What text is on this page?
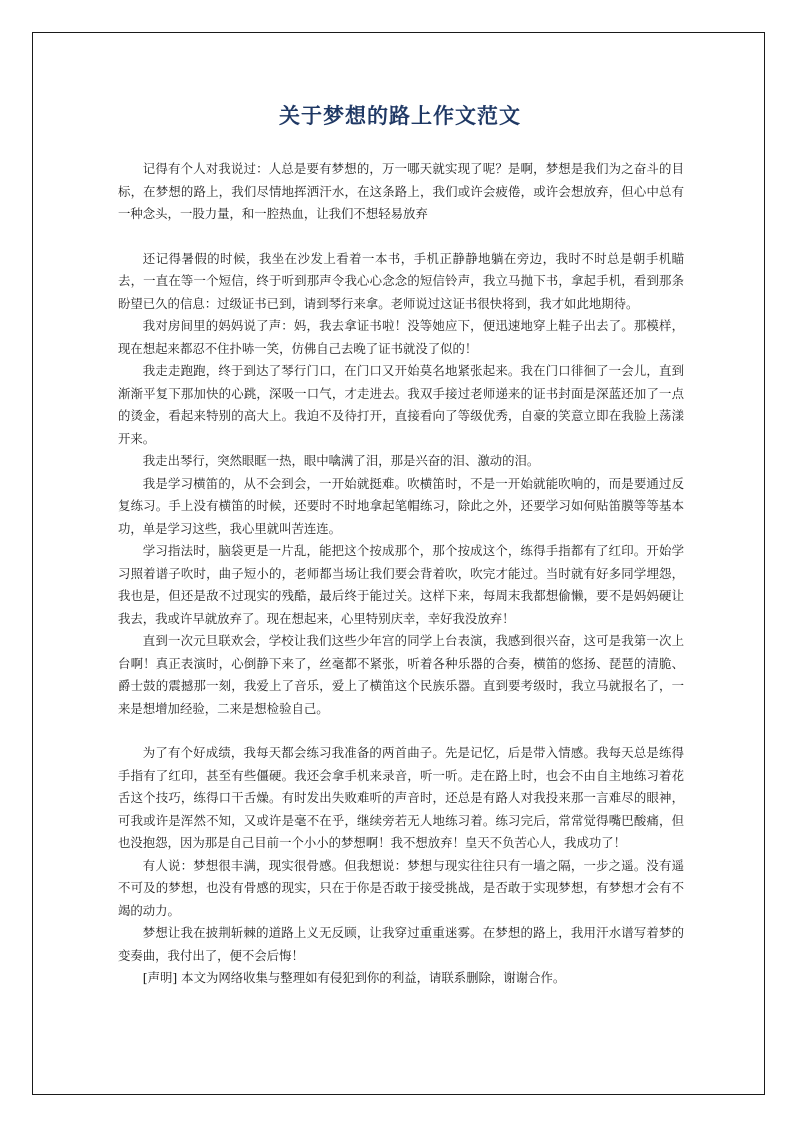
关于梦想的路上作文范文

记得有个人对我说过：人总是要有梦想的，万一哪天就实现了呢？是啊，梦想是我们为之奋斗的目标，在梦想的路上，我们尽情地挥洒汗水，在这条路上，我们或许会疲倦，或许会想放弃，但心中总有一种念头，一股力量，和一腔热血，让我们不想轻易放弃

还记得暑假的时候，我坐在沙发上看着一本书，手机正静静地躺在旁边，我时不时总是朝手机瞄去，一直在等一个短信，终于听到那声令我心心念念的短信铃声，我立马抛下书，拿起手机，看到那条盼望已久的信息：过级证书已到，请到琴行来拿。老师说过这证书很快将到，我才如此地期待。

我对房间里的妈妈说了声：妈，我去拿证书啦！没等她应下，便迅速地穿上鞋子出去了。那模样，现在想起来都忍不住扑哧一笑，仿佛自己去晚了证书就没了似的！

我走走跑跑，终于到达了琴行门口，在门口又开始莫名地紧张起来。我在门口徘徊了一会儿，直到渐渐平复下那加快的心跳，深吸一口气，才走进去。我双手接过老师递来的证书封面是深蓝还加了一点的烫金，看起来特别的高大上。我迫不及待打开，直接看向了等级优秀，自豪的笑意立即在我脸上荡漾开来。

我走出琴行，突然眼眶一热，眼中噙满了泪，那是兴奋的泪、激动的泪。

我是学习横笛的，从不会到会，一开始就挺难。吹横笛时，不是一开始就能吹响的，而是要通过反复练习。手上没有横笛的时候，还要时不时地拿起笔帽练习，除此之外，还要学习如何贴笛膜等等基本功，单是学习这些，我心里就叫苦连连。

学习指法时，脑袋更是一片乱，能把这个按成那个，那个按成这个，练得手指都有了红印。开始学习照着谱子吹时，曲子短小的，老师都当场让我们要会背着吹，吹完才能过。当时就有好多同学埋怨，我也是，但还是敌不过现实的残酷，最后终于能过关。这样下来，每周末我都想偷懒，要不是妈妈硬让我去，我或许早就放弃了。现在想起来，心里特别庆幸，幸好我没放弃！

直到一次元旦联欢会，学校让我们这些少年宫的同学上台表演，我感到很兴奋，这可是我第一次上台啊！真正表演时，心倒静下来了，丝毫都不紧张，听着各种乐器的合奏，横笛的悠扬、琵琶的清脆、爵士鼓的震撼那一刻，我爱上了音乐，爱上了横笛这个民族乐器。直到要考级时，我立马就报名了，一来是想增加经验，二来是想检验自己。

为了有个好成绩，我每天都会练习我准备的两首曲子。先是记忆，后是带入情感。我每天总是练得手指有了红印，甚至有些僵硬。我还会拿手机来录音，听一听。走在路上时，也会不由自主地练习着花舌这个技巧，练得口干舌燥。有时发出失败难听的声音时，还总是有路人对我投来那一言难尽的眼神，可我或许是浑然不知，又或许是毫不在乎，继续旁若无人地练习着。练习完后，常常觉得嘴巴酸痛，但也没抱怨，因为那是自己目前一个小小的梦想啊！我不想放弃！皇天不负苦心人，我成功了！

有人说：梦想很丰满，现实很骨感。但我想说：梦想与现实往往只有一墙之隔，一步之遥。没有遥不可及的梦想，也没有骨感的现实，只在于你是否敢于接受挑战，是否敢于实现梦想，有梦想才会有不竭的动力。

梦想让我在披荆斩棘的道路上义无反顾，让我穿过重重迷雾。在梦想的路上，我用汗水谱写着梦的变奏曲，我付出了，便不会后悔！

[声明] 本文为网络收集与整理如有侵犯到你的利益，请联系删除，谢谢合作。
